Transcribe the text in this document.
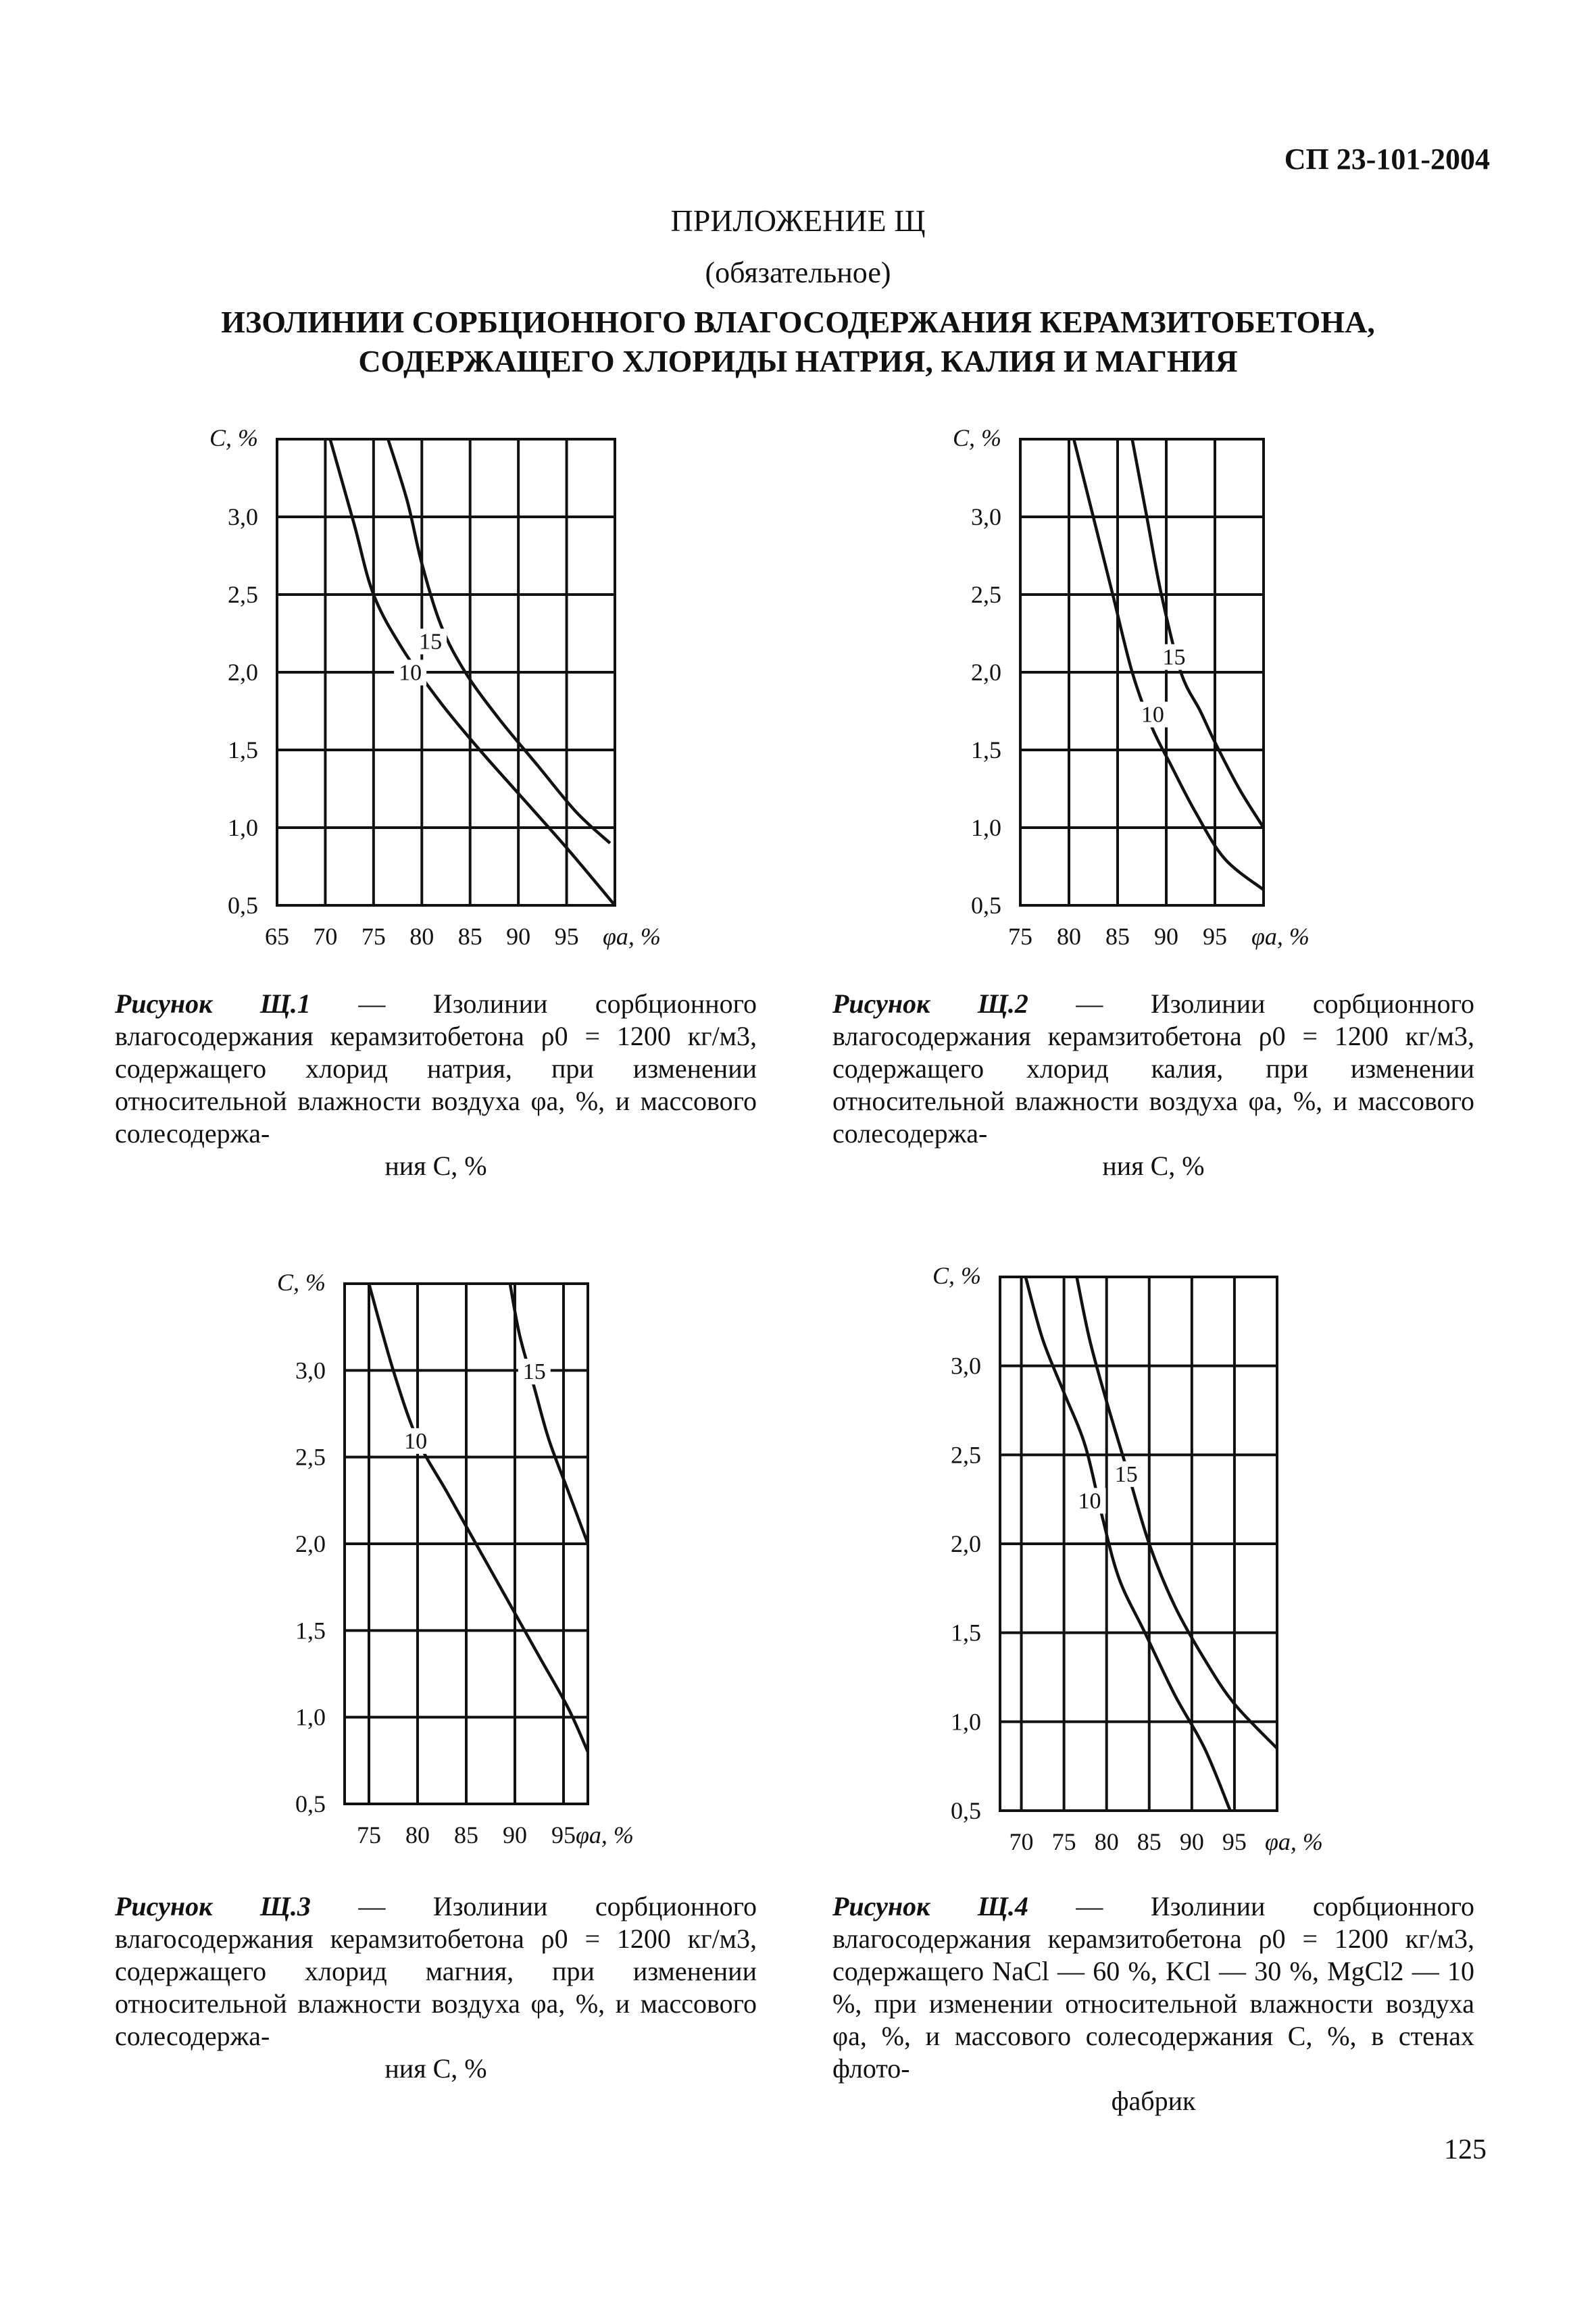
СП 23-101-2004
ПРИЛОЖЕНИЕ Щ
(обязательное)
ИЗОЛИНИИ СОРБЦИОННОГО ВЛАГОСОДЕРЖАНИЯ КЕРАМЗИТОБЕТОНА,
СОДЕРЖАЩЕГО ХЛОРИДЫ НАТРИЯ, КАЛИЯ И МАГНИЯ
65 70 75 80 85 90 95
0,5
1,0
1,5
2,0
2,5
3,0
С, %
φa, %
10
15
75 80 85 90 95
0,5
1,0
1,5
2,0
2,5
3,0
С, %
φa, %
10
15
75 80 85 90 95
0,5
1,0
1,5
2,0
2,5
3,0
С, %
φa, %
10
15
70 75 80 85 90 95
0,5
1,0
1,5
2,0
2,5
3,0
С, %
φa, %
10
15
Рисунок Щ.1 — Изолинии сорбционного влагосодержания керамзитобетона ρ0 = 1200 кг/м3, содержащего хлорид натрия, при изменении относительной влажности воздуха φa, %, и массового солесодержа-
ния С, %
Рисунок Щ.2 — Изолинии сорбционного влагосодержания керамзитобетона ρ0 = 1200 кг/м3, содержащего хлорид калия, при изменении относительной влажности воздуха φa, %, и массового солесодержа-
ния С, %
Рисунок Щ.3 — Изолинии сорбционного влагосодержания керамзитобетона ρ0 = 1200 кг/м3, содержащего хлорид магния, при изменении относительной влажности воздуха φa, %, и массового солесодержа-
ния С, %
Рисунок Щ.4 — Изолинии сорбционного влагосодержания керамзитобетона ρ0 = 1200 кг/м3, содержащего NaCl — 60 %, KCl — 30 %, MgCl2 — 10 %, при изменении относительной влажности воздуха φa, %, и массового солесодержания С, %, в стенах флото-
фабрик
125
